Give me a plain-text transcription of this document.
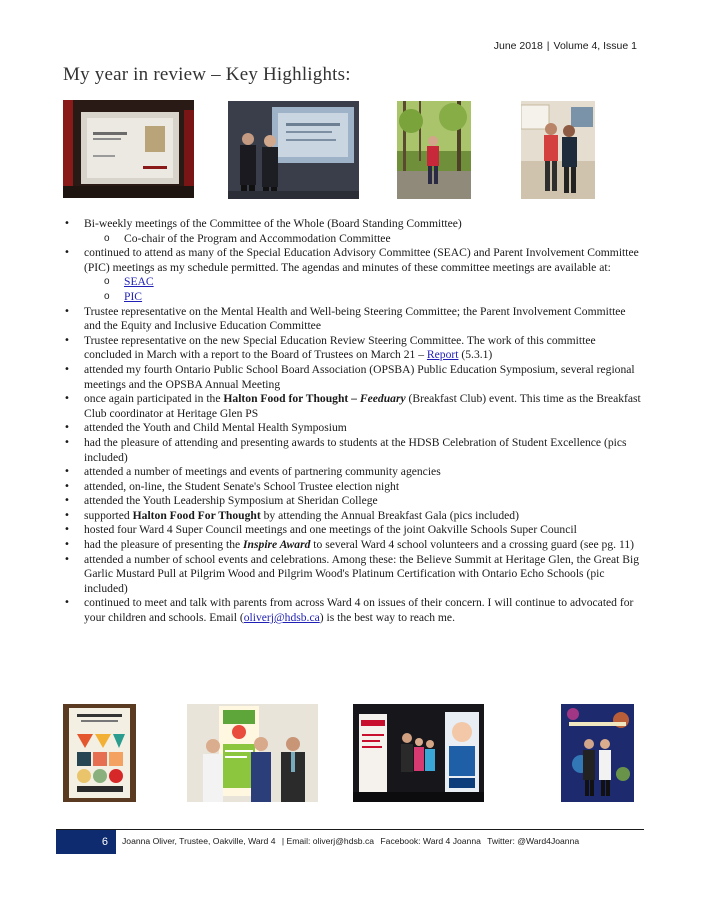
June 2018 | Volume 4, Issue 1
My year in review – Key Highlights:
• Bi-weekly meetings of the Committee of the Whole (Board Standing Committee)
o Co-chair of the Program and Accommodation Committee
• continued to attend as many of the Special Education Advisory Committee (SEAC) and Parent Involvement Committee (PIC) meetings as my schedule permitted. The agendas and minutes of these committee meetings are available at:
o SEAC
o PIC
• Trustee representative on the Mental Health and Well-being Steering Committee; the Parent Involvement Committee and the Equity and Inclusive Education Committee
• Trustee representative on the new Special Education Review Steering Committee. The work of this committee concluded in March with a report to the Board of Trustees on March 21 – Report (5.3.1)
• attended my fourth Ontario Public School Board Association (OPSBA) Public Education Symposium, several regional meetings and the OPSBA Annual Meeting
• once again participated in the Halton Food for Thought – Feeduary (Breakfast Club) event. This time as the Breakfast Club coordinator at Heritage Glen PS
• attended the Youth and Child Mental Health Symposium
• had the pleasure of attending and presenting awards to students at the HDSB Celebration of Student Excellence (pics included)
• attended a number of meetings and events of partnering community agencies
• attended, on-line, the Student Senate's School Trustee election night
• attended the Youth Leadership Symposium at Sheridan College
• supported Halton Food For Thought by attending the Annual Breakfast Gala (pics included)
• hosted four Ward 4 Super Council meetings and one meetings of the joint Oakville Schools Super Council
• had the pleasure of presenting the Inspire Award to several Ward 4 school volunteers and a crossing guard (see pg. 11)
• attended a number of school events and celebrations. Among these: the Believe Summit at Heritage Glen, the Great Big Garlic Mustard Pull at Pilgrim Wood and Pilgrim Wood's Platinum Certification with Ontario Echo Schools (pic included)
• continued to meet and talk with parents from across Ward 4 on issues of their concern. I will continue to advocated for your children and schools. Email (oliverj@hdsb.ca) is the best way to reach me.
6	Joanna Oliver, Trustee, Oakville, Ward 4 | Email: oliverj@hdsb.ca Facebook: Ward 4 Joanna Twitter: @Ward4Joanna
